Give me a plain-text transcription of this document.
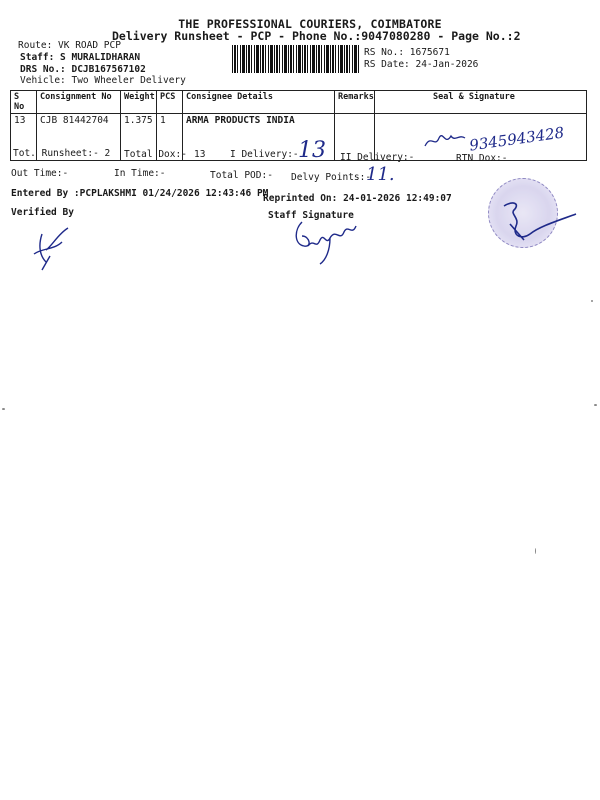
THE PROFESSIONAL COURIERS, COIMBATORE
Delivery Runsheet - PCP - Phone No.:9047080280 - Page No.:2
Route: VK ROAD PCP
Staff: S MURALIDHARAN
DRS No.: DCJB167567102
Vehicle: Two Wheeler Delivery
RS No.: 1675671
RS Date: 24-Jan-2026
S No	Consignment No	Weight	PCS	Consignee Details	Remarks	Seal & Signature
13	CJB 81442704	1.375	1	ARMA PRODUCTS INDIA		9345943428
Tot. Runsheet:- 2 Total Dox:- 13	I Delivery:- 13 II Delivery:-	RTN Dox:-
Out Time:-	In Time:-	Total POD:- Delvy Points:-
11.
Entered By :PCPLAKSHMI 01/24/2026 12:43:46 PM
Reprinted On: 24-01-2026 12:49:07
Verified By	Staff Signature
